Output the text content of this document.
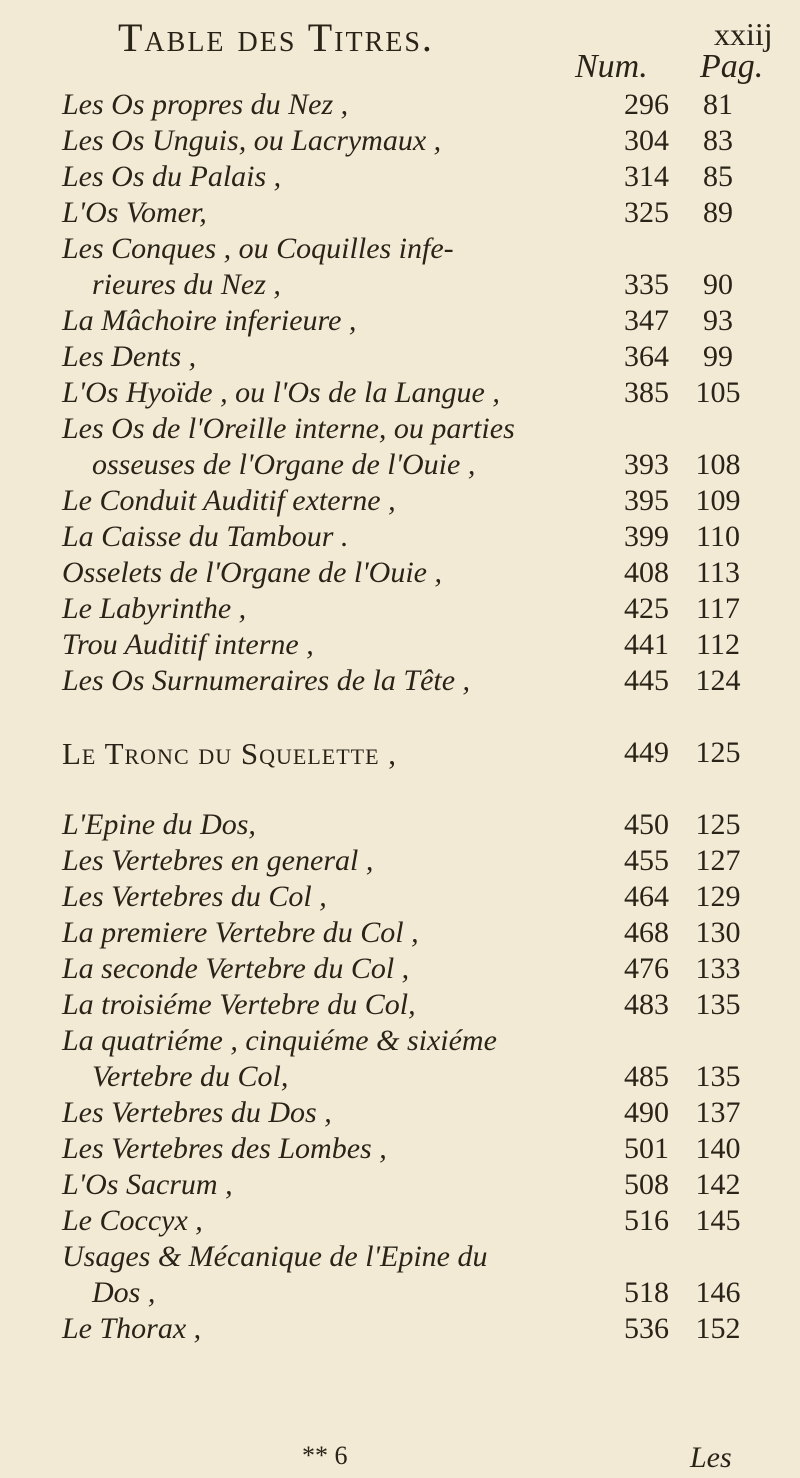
Table des Titres.	xxiij
Num. Pag.
Les Os propres du Nez ,	296 81
Les Os Unguis, ou Lacrymaux ,	304 83
Les Os du Palais ,	314 85
L'Os Vomer,	325 89
Les Conques , ou Coquilles infe-
rieures du Nez ,	335 90
La Mâchoire inferieure ,	347 93
Les Dents ,	364 99
L'Os Hyoïde , ou l'Os de la Langue ,	385 105
Les Os de l'Oreille interne, ou parties
osseuses de l'Organe de l'Ouie ,	393 108
Le Conduit Auditif externe ,	395 109
La Caisse du Tambour .	399 110
Osselets de l'Organe de l'Ouie ,	408 113
Le Labyrinthe ,	425 117
Trou Auditif interne ,	441 112
Les Os Surnumeraires de la Tête ,	445 124
Le Tronc du Squelette ,	449 125
L'Epine du Dos,	450 125
Les Vertebres en general ,	455 127
Les Vertebres du Col ,	464 129
La premiere Vertebre du Col ,	468 130
La seconde Vertebre du Col ,	476 133
La troisiéme Vertebre du Col,	483 135
La quatriéme , cinquiéme & sixiéme
Vertebre du Col,	485 135
Les Vertebres du Dos ,	490 137
Les Vertebres des Lombes ,	501 140
L'Os Sacrum ,	508 142
Le Coccyx ,	516 145
Usages & Mécanique de l'Epine du
Dos ,	518 146
Le Thorax ,	536 152
** 6	Les
